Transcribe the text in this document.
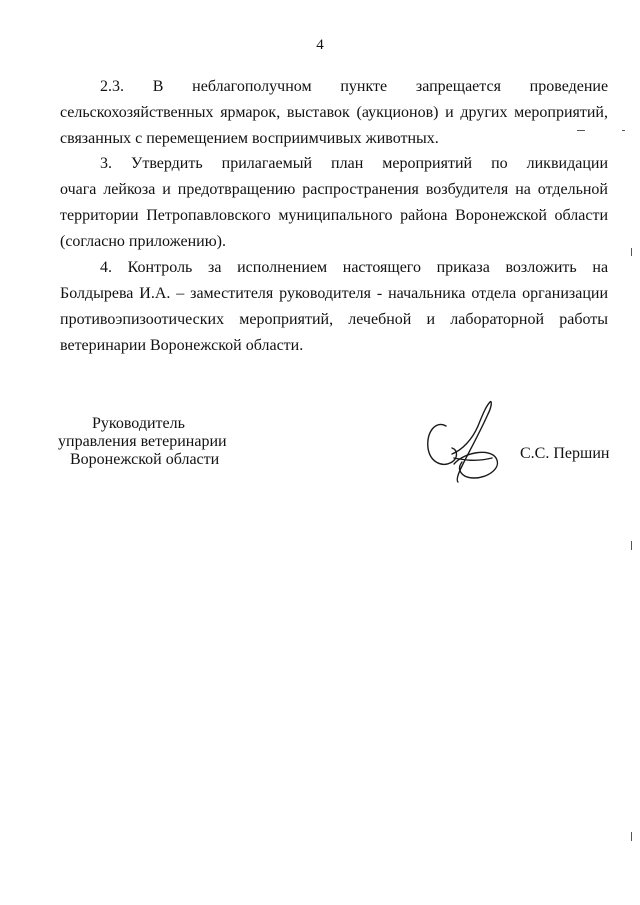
4
2.3. В неблагополучном пункте запрещается проведение
сельскохозяйственных ярмарок, выставок (аукционов) и других мероприятий,
связанных с перемещением восприимчивых животных.
3. Утвердить прилагаемый план мероприятий по ликвидации
очага лейкоза и предотвращению распространения возбудителя на отдельной
территории Петропавловского муниципального района Воронежской области
(согласно приложению).
4. Контроль за исполнением настоящего приказа возложить на
Болдырева И.А. – заместителя руководителя - начальника отдела организации
противоэпизоотических мероприятий, лечебной и лабораторной работы
ветеринарии Воронежской области.
Руководитель
управления ветеринарии
Воронежской области	С.С. Першин
